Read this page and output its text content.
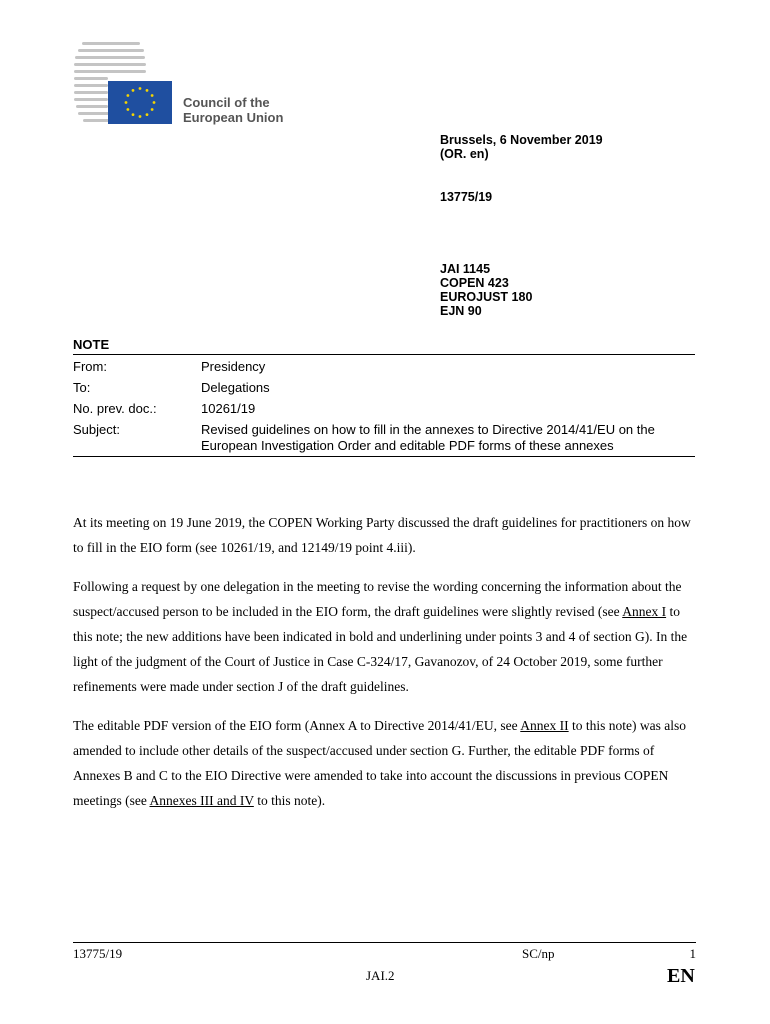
Council of the
European Union
Brussels, 6 November 2019
(OR. en)
13775/19
JAI 1145
COPEN 423
EUROJUST 180
EJN 90
NOTE
From:	Presidency
To:	Delegations
No. prev. doc.:	10261/19
Subject:	Revised guidelines on how to fill in the annexes to Directive 2014/41/EU on the European Investigation Order and editable PDF forms of these annexes

At its meeting on 19 June 2019, the COPEN Working Party discussed the draft guidelines for practitioners on how to fill in the EIO form (see 10261/19, and 12149/19 point 4.iii).

Following a request by one delegation in the meeting to revise the wording concerning the information about the suspect/accused person to be included in the EIO form, the draft guidelines were slightly revised (see Annex I to this note; the new additions have been indicated in bold and underlining under points 3 and 4 of section G). In the light of the judgment of the Court of Justice in Case C-324/17, Gavanozov, of 24 October 2019, some further refinements were made under section J of the draft guidelines.

The editable PDF version of the EIO form (Annex A to Directive 2014/41/EU, see Annex II to this note) was also amended to include other details of the suspect/accused under section G. Further, the editable PDF forms of Annexes B and C to the EIO Directive were amended to take into account the discussions in previous COPEN meetings (see Annexes III and IV to this note).

13775/19	SC/np	1
JAI.2	EN
